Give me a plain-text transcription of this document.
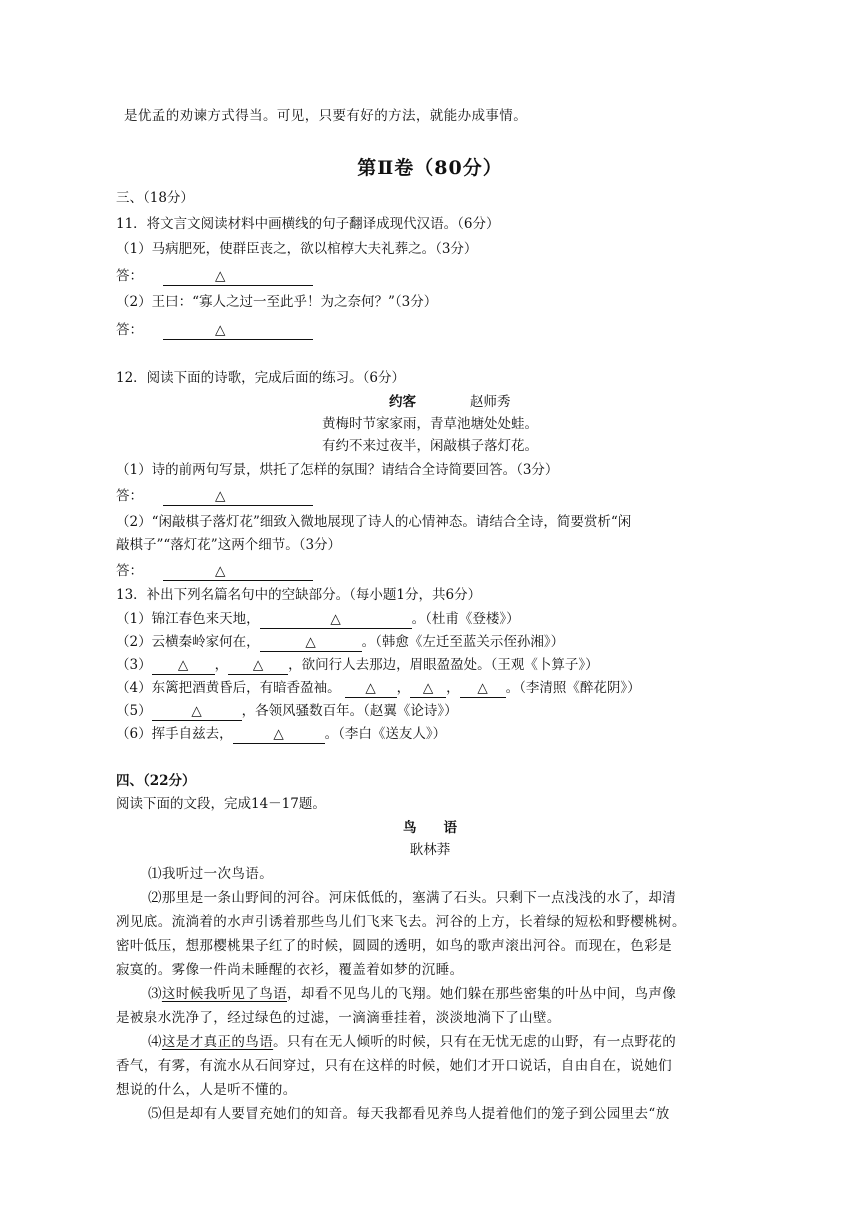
是优孟的劝谏方式得当。可见，只要有好的方法，就能办成事情。
第Ⅱ卷（80分）
三、（18分）
11．将文言文阅读材料中画横线的句子翻译成现代汉语。（6分）
（1）马病肥死，使群臣丧之，欲以棺椁大夫礼葬之。（3分）
答：	△
（2）王曰：“寡人之过一至此乎！为之奈何？”（3分）
答：	△
12．阅读下面的诗歌，完成后面的练习。（6分）
约客	赵师秀
黄梅时节家家雨，青草池塘处处蛙。
有约不来过夜半，闲敲棋子落灯花。
（1）诗的前两句写景，烘托了怎样的氛围？请结合全诗简要回答。（3分）
答：	△
（2）“闲敲棋子落灯花”细致入微地展现了诗人的心情神态。请结合全诗，简要赏析“闲
敲棋子”“落灯花”这两个细节。（3分）
答：	△
13．补出下列名篇名句中的空缺部分。（每小题1分，共6分）
（1）锦江春色来天地，	△	。（杜甫《登楼》）
（2）云横秦岭家何在，	△	。（韩愈《左迁至蓝关示侄孙湘》）
（3） △ ， △ ，欲问行人去那边，眉眼盈盈处。（王观《卜算子》）
（4）东篱把酒黄昏后，有暗香盈袖。 △ ， △ ， △ 。（李清照《醉花阴》）
（5）	△	，各领风骚数百年。（赵翼《论诗》）
（6）挥手自兹去，	△	。（李白《送友人》）
四、（22分）
阅读下面的文段，完成14－17题。
鸟　　语
耿林莽
⑴我听过一次鸟语。
⑵那里是一条山野间的河谷。河床低低的，塞满了石头。只剩下一点浅浅的水了，却清
冽见底。流淌着的水声引诱着那些鸟儿们飞来飞去。河谷的上方，长着绿的短松和野樱桃树。
密叶低压，想那樱桃果子红了的时候，圆圆的透明，如鸟的歌声滚出河谷。而现在，色彩是
寂寞的。雾像一件尚未睡醒的衣衫，覆盖着如梦的沉睡。
⑶这时候我听见了鸟语，却看不见鸟儿的飞翔。她们躲在那些密集的叶丛中间，鸟声像
是被泉水洗净了，经过绿色的过滤，一滴滴垂挂着，淡淡地淌下了山壁。
⑷这是才真正的鸟语。只有在无人倾听的时候，只有在无忧无虑的山野，有一点野花的
香气，有雾，有流水从石间穿过，只有在这样的时候，她们才开口说话，自由自在，说她们
想说的什么，人是听不懂的。
⑸但是却有人要冒充她们的知音。每天我都看见养鸟人提着他们的笼子到公园里去“放
